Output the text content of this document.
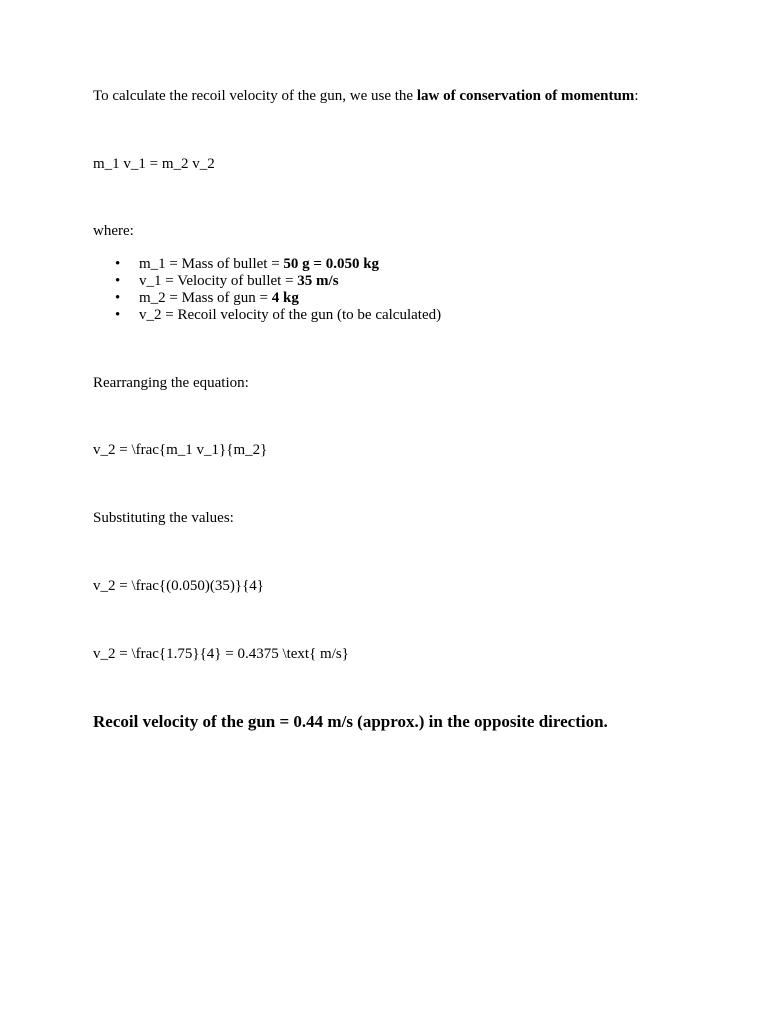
To calculate the recoil velocity of the gun, we use the law of conservation of momentum:
m_1 v_1 = m_2 v_2
where:
• m_1 = Mass of bullet = 50 g = 0.050 kg
• v_1 = Velocity of bullet = 35 m/s
• m_2 = Mass of gun = 4 kg
• v_2 = Recoil velocity of the gun (to be calculated)
Rearranging the equation:
v_2 = \frac{m_1 v_1}{m_2}
Substituting the values:
v_2 = \frac{(0.050)(35)}{4}
v_2 = \frac{1.75}{4} = 0.4375 \text{ m/s}
Recoil velocity of the gun = 0.44 m/s (approx.) in the opposite direction.
